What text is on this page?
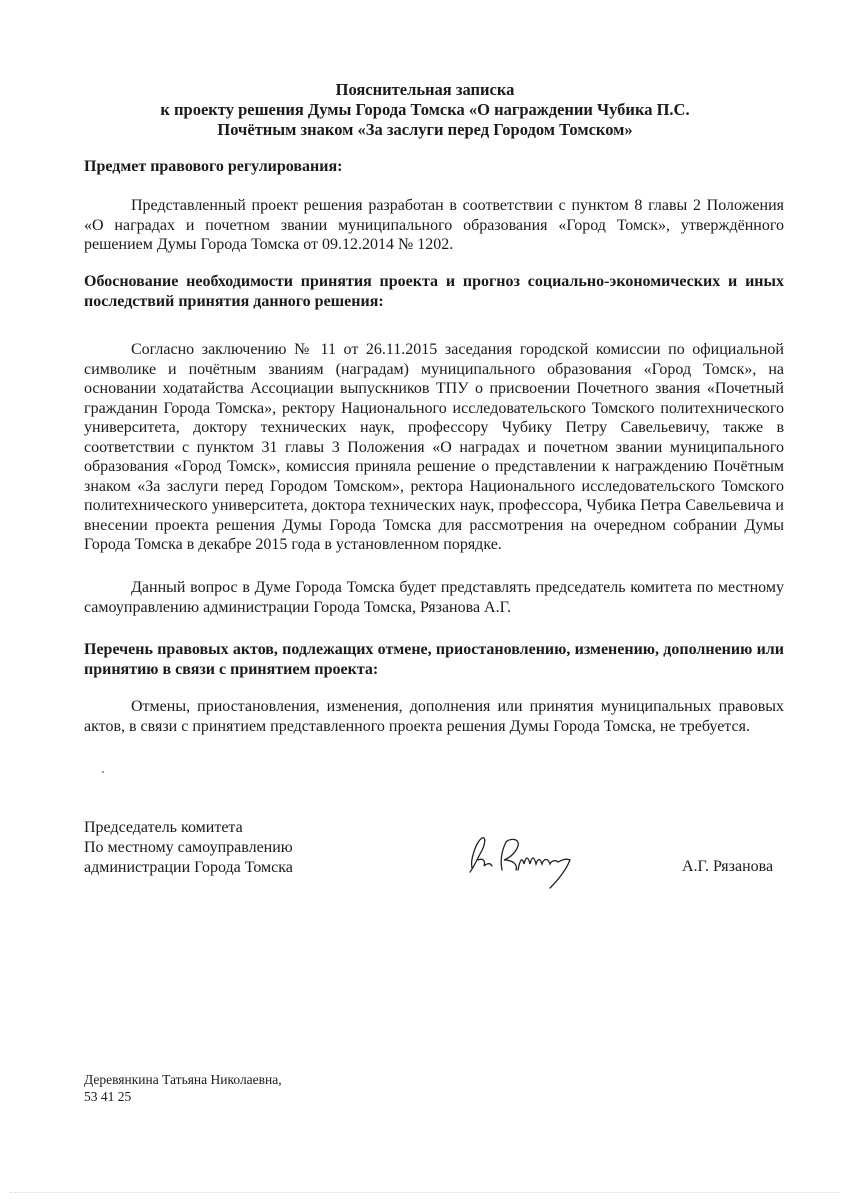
Пояснительная записка
к проекту решения Думы Города Томска «О награждении Чубика П.С.
Почётным знаком «За заслуги перед Городом Томском»
Предмет правового регулирования:
Представленный проект решения разработан в соответствии с пунктом 8 главы 2 Положения «О наградах и почетном звании муниципального образования «Город Томск», утверждённого решением Думы Города Томска от 09.12.2014 № 1202.
Обоснование необходимости принятия проекта и прогноз социально-экономических и иных последствий принятия данного решения:
Согласно заключению № 11 от 26.11.2015 заседания городской комиссии по официальной символике и почётным званиям (наградам) муниципального образования «Город Томск», на основании ходатайства Ассоциации выпускников ТПУ о присвоении Почетного звания «Почетный гражданин Города Томска», ректору Национального исследовательского Томского политехнического университета, доктору технических наук, профессору Чубику Петру Савельевичу, также в соответствии с пунктом 31 главы 3 Положения «О наградах и почетном звании муниципального образования «Город Томск», комиссия приняла решение о представлении к награждению Почётным знаком «За заслуги перед Городом Томском», ректора Национального исследовательского Томского политехнического университета, доктора технических наук, профессора, Чубика Петра Савельевича и внесении проекта решения Думы Города Томска для рассмотрения на очередном собрании Думы Города Томска в декабре 2015 года в установленном порядке.
Данный вопрос в Думе Города Томска будет представлять председатель комитета по местному самоуправлению администрации Города Томска, Рязанова А.Г.
Перечень правовых актов, подлежащих отмене, приостановлению, изменению, дополнению или принятию в связи с принятием проекта:
Отмены, приостановления, изменения, дополнения или принятия муниципальных правовых актов, в связи с принятием представленного проекта решения Думы Города Томска, не требуется.
Председатель комитета
По местному самоуправлению
администрации Города Томска	А.Г. Рязанова
Деревянкина Татьяна Николаевна,
53 41 25
